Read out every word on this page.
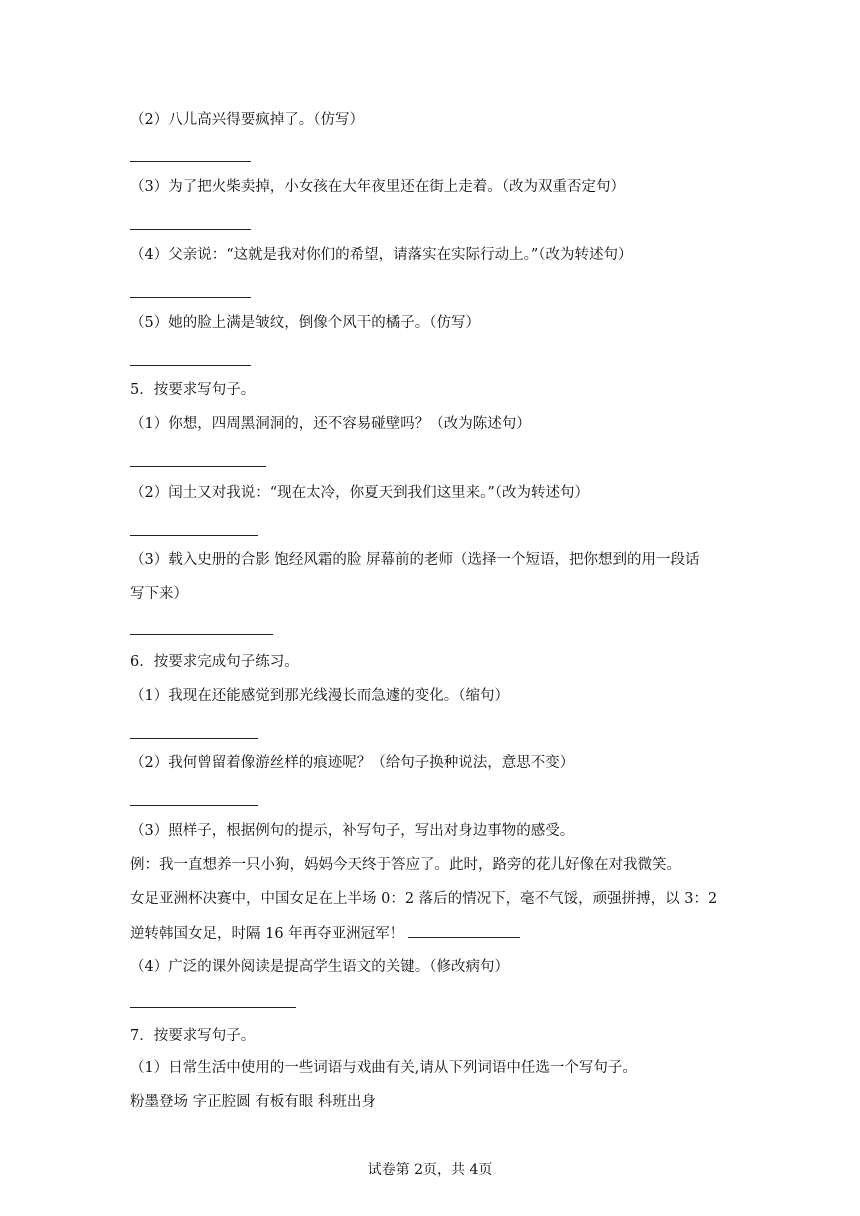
（2）八儿高兴得要疯掉了。（仿写）
（3）为了把火柴卖掉，小女孩在大年夜里还在街上走着。（改为双重否定句）
（4）父亲说：“这就是我对你们的希望，请落实在实际行动上。”（改为转述句）
（5）她的脸上满是皱纹，倒像个风干的橘子。（仿写）
5．按要求写句子。
（1）你想，四周黑洞洞的，还不容易碰壁吗？（改为陈述句）
（2）闰土又对我说：“现在太冷，你夏天到我们这里来。”（改为转述句）
（3）载入史册的合影 饱经风霜的脸 屏幕前的老师（选择一个短语，把你想到的用一段话
写下来）
6．按要求完成句子练习。
（1）我现在还能感觉到那光线漫长而急遽的变化。（缩句）
（2）我何曾留着像游丝样的痕迹呢？（给句子换种说法，意思不变）
（3）照样子，根据例句的提示，补写句子，写出对身边事物的感受。
例：我一直想养一只小狗，妈妈今天终于答应了。此时，路旁的花儿好像在对我微笑。
女足亚洲杯决赛中，中国女足在上半场 0：2 落后的情况下，毫不气馁，顽强拼搏，以 3：2
逆转韩国女足，时隔 16 年再夺亚洲冠军！
（4）广泛的课外阅读是提高学生语文的关键。（修改病句）
7．按要求写句子。
（1）日常生活中使用的一些词语与戏曲有关,请从下列词语中任选一个写句子。
粉墨登场 字正腔圆 有板有眼 科班出身
试卷第 2页，共 4页
